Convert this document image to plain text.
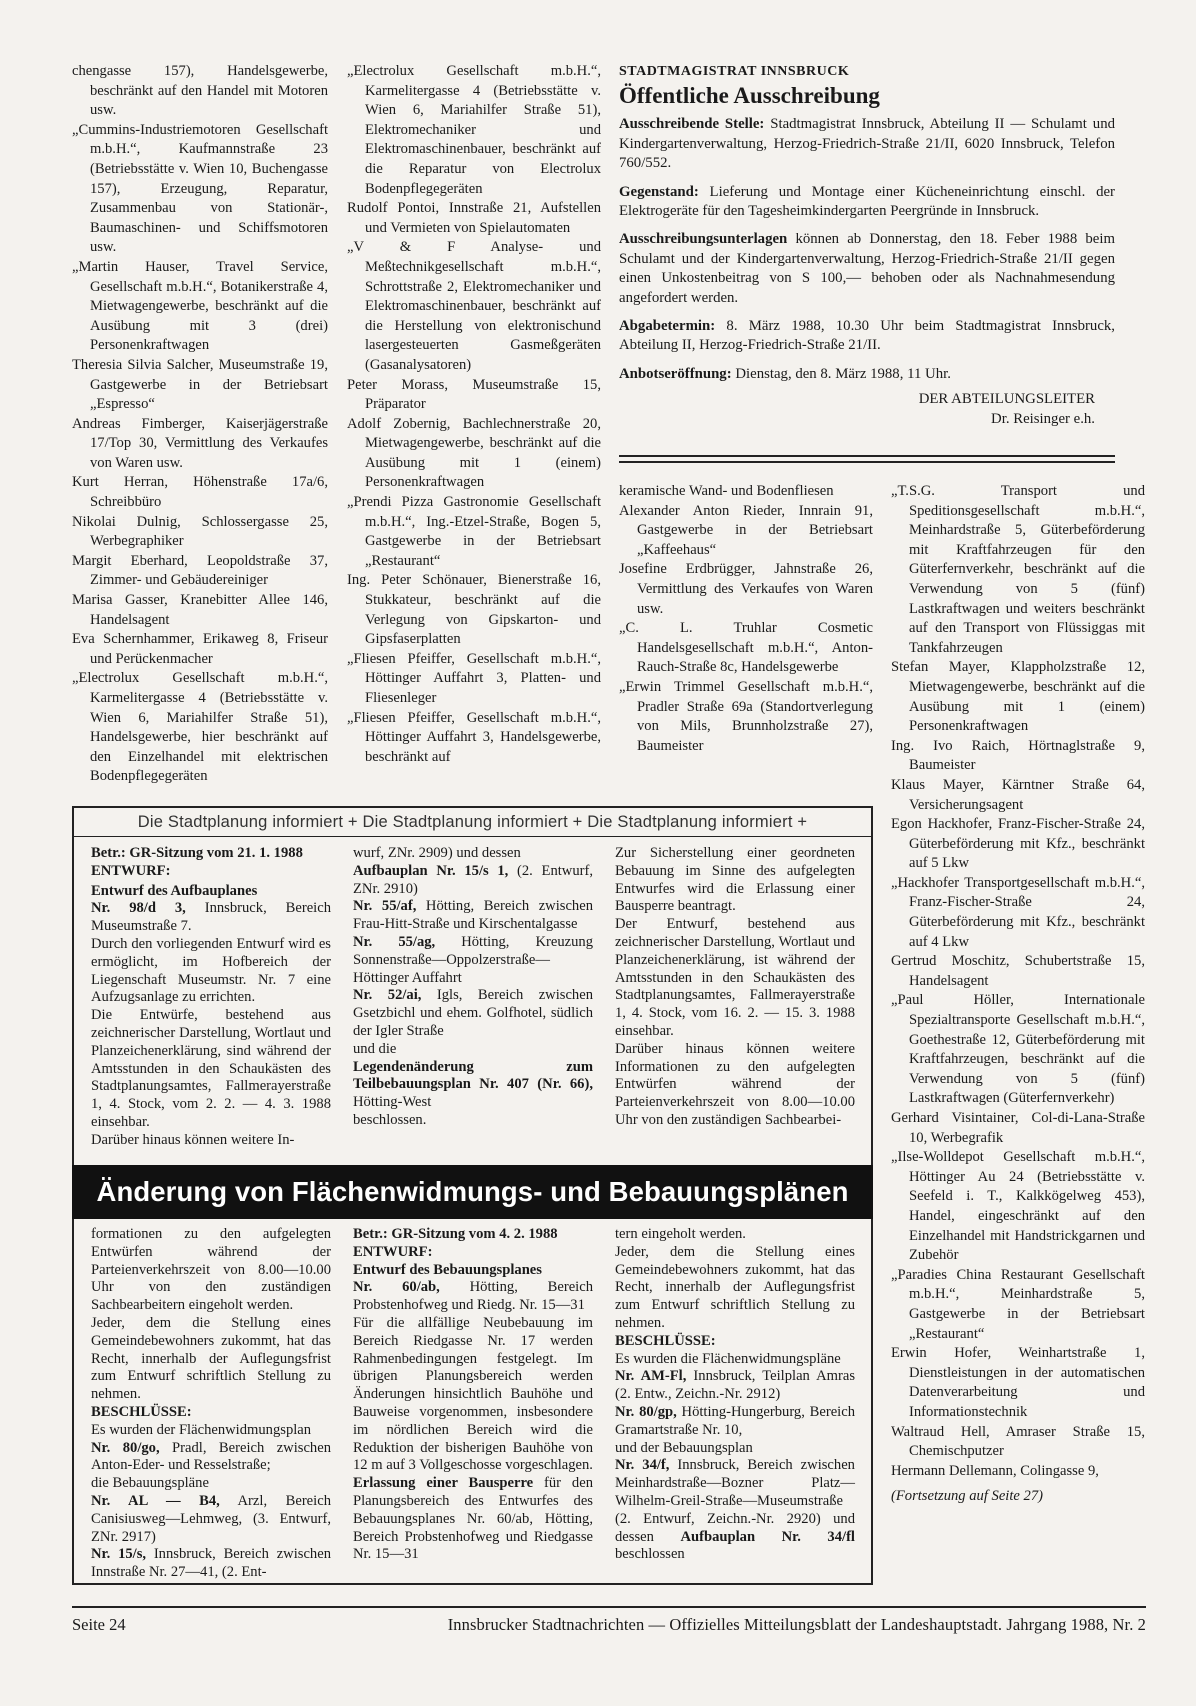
chengasse 157), Handelsgewerbe, beschränkt auf den Handel mit Motoren usw.

„Cummins-Industriemotoren Gesellschaft m.b.H.“, Kaufmannstraße 23 (Betriebsstätte v. Wien 10, Buchengasse 157), Erzeugung, Reparatur, Zusammenbau von Stationär-, Baumaschinen- und Schiffsmotoren usw.

„Martin Hauser, Travel Service, Gesellschaft m.b.H.“, Botanikerstraße 4, Mietwagengewerbe, beschränkt auf die Ausübung mit 3 (drei) Personenkraftwagen

Theresia Silvia Salcher, Museumstraße 19, Gastgewerbe in der Betriebsart „Espresso“

Andreas Fimberger, Kaiserjägerstraße 17/Top 30, Vermittlung des Verkaufes von Waren usw.

Kurt Herran, Höhenstraße 17a/6, Schreibbüro

Nikolai Dulnig, Schlossergasse 25, Werbegraphiker

Margit Eberhard, Leopoldstraße 37, Zimmer- und Gebäudereiniger

Marisa Gasser, Kranebitter Allee 146, Handelsagent

Eva Schernhammer, Erikaweg 8, Friseur und Perückenmacher

„Electrolux Gesellschaft m.b.H.“, Karmelitergasse 4 (Betriebsstätte v. Wien 6, Mariahilfer Straße 51), Handelsgewerbe, hier beschränkt auf den Einzelhandel mit elektrischen Bodenpflegegeräten

„Electrolux Gesellschaft m.b.H.“, Karmelitergasse 4 (Betriebsstätte v. Wien 6, Mariahilfer Straße 51), Elektromechaniker und Elektromaschinenbauer, beschränkt auf die Reparatur von Electrolux Bodenpflegegeräten

Rudolf Pontoi, Innstraße 21, Aufstellen und Vermieten von Spielautomaten

„V & F Analyse- und Meßtechnikgesellschaft m.b.H.“, Schrottstraße 2, Elektromechaniker und Elektromaschinenbauer, beschränkt auf die Herstellung von elektronischund lasergesteuerten Gasmeßgeräten (Gasanalysatoren)

Peter Morass, Museumstraße 15, Präparator

Adolf Zobernig, Bachlechnerstraße 20, Mietwagengewerbe, beschränkt auf die Ausübung mit 1 (einem) Personenkraftwagen

„Prendi Pizza Gastronomie Gesellschaft m.b.H.“, Ing.-Etzel-Straße, Bogen 5, Gastgewerbe in der Betriebsart „Restaurant“

Ing. Peter Schönauer, Bienerstraße 16, Stukkateur, beschränkt auf die Verlegung von Gipskarton- und Gipsfaserplatten

„Fliesen Pfeiffer, Gesellschaft m.b.H.“, Höttinger Auffahrt 3, Platten- und Fliesenleger

„Fliesen Pfeiffer, Gesellschaft m.b.H.“, Höttinger Auffahrt 3, Handelsgewerbe, beschränkt auf

STADTMAGISTRAT INNSBRUCK
Öffentliche Ausschreibung

Ausschreibende Stelle: Stadtmagistrat Innsbruck, Abteilung II — Schulamt und Kindergartenverwaltung, Herzog-Friedrich-Straße 21/II, 6020 Innsbruck, Telefon 760/552.

Gegenstand: Lieferung und Montage einer Kücheneinrichtung einschl. der Elektrogeräte für den Tagesheimkindergarten Peergründe in Innsbruck.

Ausschreibungsunterlagen können ab Donnerstag, den 18. Feber 1988 beim Schulamt und der Kindergartenverwaltung, Herzog-Friedrich-Straße 21/II gegen einen Unkostenbeitrag von S 100,— behoben oder als Nachnahmesendung angefordert werden.

Abgabetermin: 8. März 1988, 10.30 Uhr beim Stadtmagistrat Innsbruck, Abteilung II, Herzog-Friedrich-Straße 21/II.

Anbotseröffnung: Dienstag, den 8. März 1988, 11 Uhr.

DER ABTEILUNGSLEITER
Dr. Reisinger e.h.

keramische Wand- und Bodenfliesen

Alexander Anton Rieder, Innrain 91, Gastgewerbe in der Betriebsart „Kaffeehaus“

Josefine Erdbrügger, Jahnstraße 26, Vermittlung des Verkaufes von Waren usw.

„C. L. Truhlar Cosmetic Handelsgesellschaft m.b.H.“, Anton-Rauch-Straße 8c, Handelsgewerbe

„Erwin Trimmel Gesellschaft m.b.H.“, Pradler Straße 69a (Standortverlegung von Mils, Brunnholzstraße 27), Baumeister

„T.S.G. Transport und Speditionsgesellschaft m.b.H.“, Meinhardstraße 5, Güterbeförderung mit Kraftfahrzeugen für den Güterfernverkehr, beschränkt auf die Verwendung von 5 (fünf) Lastkraftwagen und weiters beschränkt auf den Transport von Flüssiggas mit Tankfahrzeugen

Stefan Mayer, Klappholzstraße 12, Mietwagengewerbe, beschränkt auf die Ausübung mit 1 (einem) Personenkraftwagen

Ing. Ivo Raich, Hörtnaglstraße 9, Baumeister

Klaus Mayer, Kärntner Straße 64, Versicherungsagent

Egon Hackhofer, Franz-Fischer-Straße 24, Güterbeförderung mit Kfz., beschränkt auf 5 Lkw

„Hackhofer Transportgesellschaft m.b.H.“, Franz-Fischer-Straße 24, Güterbeförderung mit Kfz., beschränkt auf 4 Lkw

Gertrud Moschitz, Schubertstraße 15, Handelsagent

„Paul Höller, Internationale Spezialtransporte Gesellschaft m.b.H.“, Goethestraße 12, Güterbeförderung mit Kraftfahrzeugen, beschränkt auf die Verwendung von 5 (fünf) Lastkraftwagen (Güterfernverkehr)

Gerhard Visintainer, Col-di-Lana-Straße 10, Werbegrafik

„Ilse-Wolldepot Gesellschaft m.b.H.“, Höttinger Au 24 (Betriebsstätte v. Seefeld i. T., Kalkkögelweg 453), Handel, eingeschränkt auf den Einzelhandel mit Handstrickgarnen und Zubehör

„Paradies China Restaurant Gesellschaft m.b.H.“, Meinhardstraße 5, Gastgewerbe in der Betriebsart „Restaurant“

Erwin Hofer, Weinhartstraße 1, Dienstleistungen in der automatischen Datenverarbeitung und Informationstechnik

Waltraud Hell, Amraser Straße 15, Chemischputzer

Hermann Dellemann, Colingasse 9,

(Fortsetzung auf Seite 27)

Die Stadtplanung informiert + Die Stadtplanung informiert + Die Stadtplanung informiert +

Betr.: GR-Sitzung vom 21. 1. 1988

ENTWURF:

Entwurf des Aufbauplanes

Nr. 98/d 3, Innsbruck, Bereich Museumstraße 7.

Durch den vorliegenden Entwurf wird es ermöglicht, im Hofbereich der Liegenschaft Museumstr. Nr. 7 eine Aufzugsanlage zu errichten.

Die Entwürfe, bestehend aus zeichnerischer Darstellung, Wortlaut und Planzeichenerklärung, sind während der Amtsstunden in den Schaukästen des Stadtplanungsamtes, Fallmerayerstraße 1, 4. Stock, vom 2. 2. — 4. 3. 1988 einsehbar.

Darüber hinaus können weitere In-

wurf, ZNr. 2909) und dessen

Aufbauplan Nr. 15/s 1, (2. Entwurf, ZNr. 2910)

Nr. 55/af, Hötting, Bereich zwischen Frau-Hitt-Straße und Kirschentalgasse

Nr. 55/ag, Hötting, Kreuzung Sonnenstraße—Oppolzerstraße—Höttinger Auffahrt

Nr. 52/ai, Igls, Bereich zwischen Gsetzbichl und ehem. Golfhotel, südlich der Igler Straße

und die

Legendenänderung zum Teilbebauungsplan Nr. 407 (Nr. 66), Hötting-West

beschlossen.

Zur Sicherstellung einer geordneten Bebauung im Sinne des aufgelegten Entwurfes wird die Erlassung einer Bausperre beantragt.

Der Entwurf, bestehend aus zeichnerischer Darstellung, Wortlaut und Planzeichenerklärung, ist während der Amtsstunden in den Schaukästen des Stadtplanungsamtes, Fallmerayerstraße 1, 4. Stock, vom 16. 2. — 15. 3. 1988 einsehbar.

Darüber hinaus können weitere Informationen zu den aufgelegten Entwürfen während der Parteienverkehrszeit von 8.00—10.00 Uhr von den zuständigen Sachbearbei-

Änderung von Flächenwidmungs- und Bebauungsplänen

formationen zu den aufgelegten Entwürfen während der Parteienverkehrszeit von 8.00—10.00 Uhr von den zuständigen Sachbearbeitern eingeholt werden.

Jeder, dem die Stellung eines Gemeindebewohners zukommt, hat das Recht, innerhalb der Auflegungsfrist zum Entwurf schriftlich Stellung zu nehmen.

BESCHLÜSSE:

Es wurden der Flächenwidmungsplan

Nr. 80/go, Pradl, Bereich zwischen Anton-Eder- und Resselstraße;

die Bebauungspläne

Nr. AL — B4, Arzl, Bereich Canisiusweg—Lehmweg, (3. Entwurf, ZNr. 2917)

Nr. 15/s, Innsbruck, Bereich zwischen Innstraße Nr. 27—41, (2. Ent-

Betr.: GR-Sitzung vom 4. 2. 1988

ENTWURF:

Entwurf des Bebauungsplanes

Nr. 60/ab, Hötting, Bereich Probstenhofweg und Riedg. Nr. 15—31

Für die allfällige Neubebauung im Bereich Riedgasse Nr. 17 werden Rahmenbedingungen festgelegt. Im übrigen Planungsbereich werden Änderungen hinsichtlich Bauhöhe und Bauweise vorgenommen, insbesondere im nördlichen Bereich wird die Reduktion der bisherigen Bauhöhe von 12 m auf 3 Vollgeschosse vorgeschlagen.

Erlassung einer Bausperre für den Planungsbereich des Entwurfes des Bebauungsplanes Nr. 60/ab, Hötting, Bereich Probstenhofweg und Riedgasse Nr. 15—31

tern eingeholt werden.

Jeder, dem die Stellung eines Gemeindebewohners zukommt, hat das Recht, innerhalb der Auflegungsfrist zum Entwurf schriftlich Stellung zu nehmen.

BESCHLÜSSE:

Es wurden die Flächenwidmungspläne

Nr. AM-Fl, Innsbruck, Teilplan Amras (2. Entw., Zeichn.-Nr. 2912)

Nr. 80/gp, Hötting-Hungerburg, Bereich Gramartstraße Nr. 10,

und der Bebauungsplan

Nr. 34/f, Innsbruck, Bereich zwischen Meinhardstraße—Bozner Platz—Wilhelm-Greil-Straße—Museumstraße (2. Entwurf, Zeichn.-Nr. 2920) und dessen Aufbauplan Nr. 34/fl beschlossen

Seite 24	Innsbrucker Stadtnachrichten — Offizielles Mitteilungsblatt der Landeshauptstadt. Jahrgang 1988, Nr. 2
